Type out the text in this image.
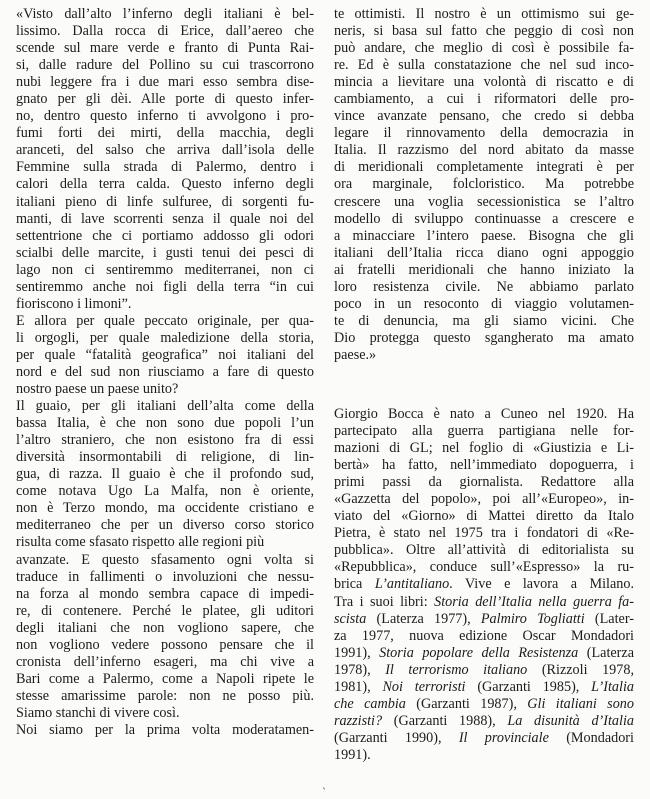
«Visto dall’alto l’inferno degli italiani è bel-
lissimo. Dalla rocca di Erice, dall’aereo che
scende sul mare verde e franto di Punta Rai-
si, dalle radure del Pollino su cui trascorrono
nubi leggere fra i due mari esso sembra dise-
gnato per gli dèi. Alle porte di questo infer-
no, dentro questo inferno ti avvolgono i pro-
fumi forti dei mirti, della macchia, degli
aranceti, del salso che arriva dall’isola delle
Femmine sulla strada di Palermo, dentro i
calori della terra calda. Questo inferno degli
italiani pieno di linfe sulfuree, di sorgenti fu-
manti, di lave scorrenti senza il quale noi del
settentrione che ci portiamo addosso gli odori
scialbi delle marcite, i gusti tenui dei pesci di
lago non ci sentiremmo mediterranei, non ci
sentiremmo anche noi figli della terra “in cui
fioriscono i limoni”.
E allora per quale peccato originale, per qua-
li orgogli, per quale maledizione della storia,
per quale “fatalità geografica” noi italiani del
nord e del sud non riusciamo a fare di questo
nostro paese un paese unito?
Il guaio, per gli italiani dell’alta come della
bassa Italia, è che non sono due popoli l’un
l’altro straniero, che non esistono fra di essi
diversità insormontabili di religione, di lin-
gua, di razza. Il guaio è che il profondo sud,
come notava Ugo La Malfa, non è oriente,
non è Terzo mondo, ma occidente cristiano e
mediterraneo che per un diverso corso storico
risulta come sfasato rispetto alle regioni più
avanzate. E questo sfasamento ogni volta si
traduce in fallimenti o involuzioni che nessu-
na forza al mondo sembra capace di impedi-
re, di contenere. Perché le platee, gli uditori
degli italiani che non vogliono sapere, che
non vogliono vedere possono pensare che il
cronista dell’inferno esageri, ma chi vive a
Bari come a Palermo, come a Napoli ripete le
stesse amarissime parole: non ne posso più.
Siamo stanchi di vivere così.
Noi siamo per la prima volta moderatamen-
te ottimisti. Il nostro è un ottimismo sui ge-
neris, si basa sul fatto che peggio di così non
può andare, che meglio di così è possibile fa-
re. Ed è sulla constatazione che nel sud inco-
mincia a lievitare una volontà di riscatto e di
cambiamento, a cui i riformatori delle pro-
vince avanzate pensano, che credo si debba
legare il rinnovamento della democrazia in
Italia. Il razzismo del nord abitato da masse
di meridionali completamente integrati è per
ora marginale, folcloristico. Ma potrebbe
crescere una voglia secessionistica se l’altro
modello di sviluppo continuasse a crescere e
a minacciare l’intero paese. Bisogna che gli
italiani dell’Italia ricca diano ogni appoggio
ai fratelli meridionali che hanno iniziato la
loro resistenza civile. Ne abbiamo parlato
poco in un resoconto di viaggio volutamen-
te di denuncia, ma gli siamo vicini. Che
Dio protegga questo sgangherato ma amato
paese.»
Giorgio Bocca è nato a Cuneo nel 1920. Ha
partecipato alla guerra partigiana nelle for-
mazioni di GL; nel foglio di «Giustizia e Li-
bertà» ha fatto, nell’immediato dopoguerra, i
primi passi da giornalista. Redattore alla
«Gazzetta del popolo», poi all’«Europeo», in-
viato del «Giorno» di Mattei diretto da Italo
Pietra, è stato nel 1975 tra i fondatori di «Re-
pubblica». Oltre all’attività di editorialista su
«Repubblica», conduce sull’«Espresso» la ru-
brica L’antitaliano. Vive e lavora a Milano.
Tra i suoi libri: Storia dell’Italia nella guerra fa-
scista (Laterza 1977), Palmiro Togliatti (Later-
za 1977, nuova edizione Oscar Mondadori
1991), Storia popolare della Resistenza (Laterza
1978), Il terrorismo italiano (Rizzoli 1978,
1981), Noi terroristi (Garzanti 1985), L’Italia
che cambia (Garzanti 1987), Gli italiani sono
razzisti? (Garzanti 1988), La disunità d’Italia
(Garzanti 1990), Il provinciale (Mondadori
1991).
`
